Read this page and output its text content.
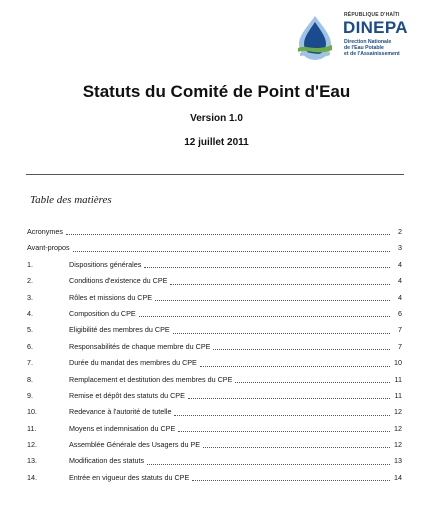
RÉPUBLIQUE D'HAÏTI
DINEPA
Direction Nationale
de l'Eau Potable
et de l'Assainissement
Statuts du Comité de Point d'Eau
Version 1.0
12 juillet 2011
Table des matières
Acronymes	2
Avant-propos	3
1.	Dispositions générales	4
2.	Conditions d'existence du CPE	4
3.	Rôles et missions du CPE	4
4.	Composition du CPE	6
5.	Eligibilité des membres du CPE	7
6.	Responsabilités de chaque membre du CPE	7
7.	Durée du mandat des membres du CPE	10
8.	Remplacement et destitution des membres du CPE	11
9.	Remise et dépôt des statuts du CPE	11
10.	Redevance à l'autorité de tutelle	12
11.	Moyens et indemnisation du CPE	12
12.	Assemblée Générale des Usagers du PE	12
13.	Modification des statuts	13
14.	Entrée en vigueur des statuts du CPE	14
